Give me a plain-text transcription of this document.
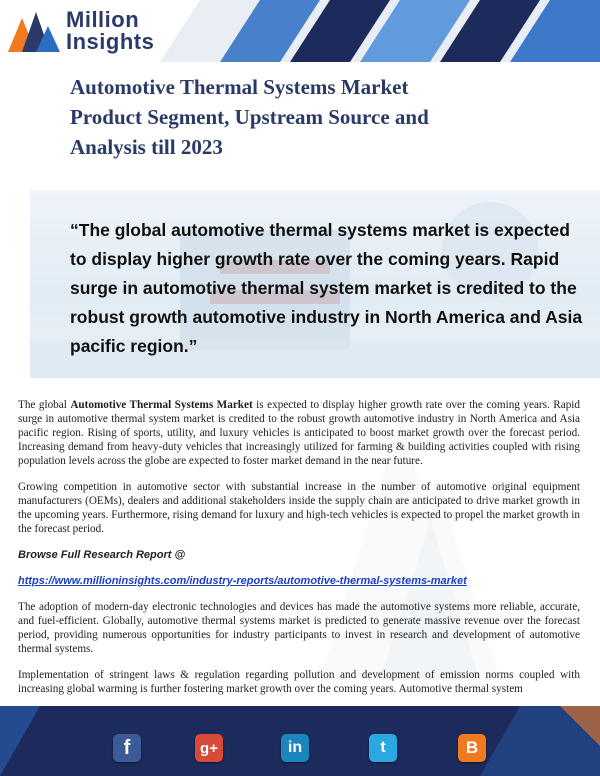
Million
Insights
Automotive Thermal Systems Market
Product Segment, Upstream Source and
Analysis till 2023
“The global automotive thermal systems market is expected to display higher growth rate over the coming years. Rapid surge in automotive thermal system market is credited to the robust growth automotive industry in North America and Asia pacific region.”

The global Automotive Thermal Systems Market is expected to display higher growth rate over the coming years. Rapid surge in automotive thermal system market is credited to the robust growth automotive industry in North America and Asia pacific region. Rising of sports, utility, and luxury vehicles is anticipated to boost market growth over the forecast period. Increasing demand from heavy-duty vehicles that increasingly utilized for farming & building activities coupled with rising population levels across the globe are expected to foster market demand in the near future.

Growing competition in automotive sector with substantial increase in the number of automotive original equipment manufacturers (OEMs), dealers and additional stakeholders inside the supply chain are anticipated to drive market growth in the upcoming years. Furthermore, rising demand for luxury and high-tech vehicles is expected to propel the market growth in the forecast period.

Browse Full Research Report @

https://www.millioninsights.com/industry-reports/automotive-thermal-systems-market

The adoption of modern-day electronic technologies and devices has made the automotive systems more reliable, accurate, and fuel-efficient. Globally, automotive thermal systems market is predicted to generate massive revenue over the forecast period, providing numerous opportunities for industry participants to invest in research and development of automotive thermal systems.

Implementation of stringent laws & regulation regarding pollution and development of emission norms coupled with increasing global warming is further fostering market growth over the coming years. Automotive thermal system

f	g+	in	t	B
